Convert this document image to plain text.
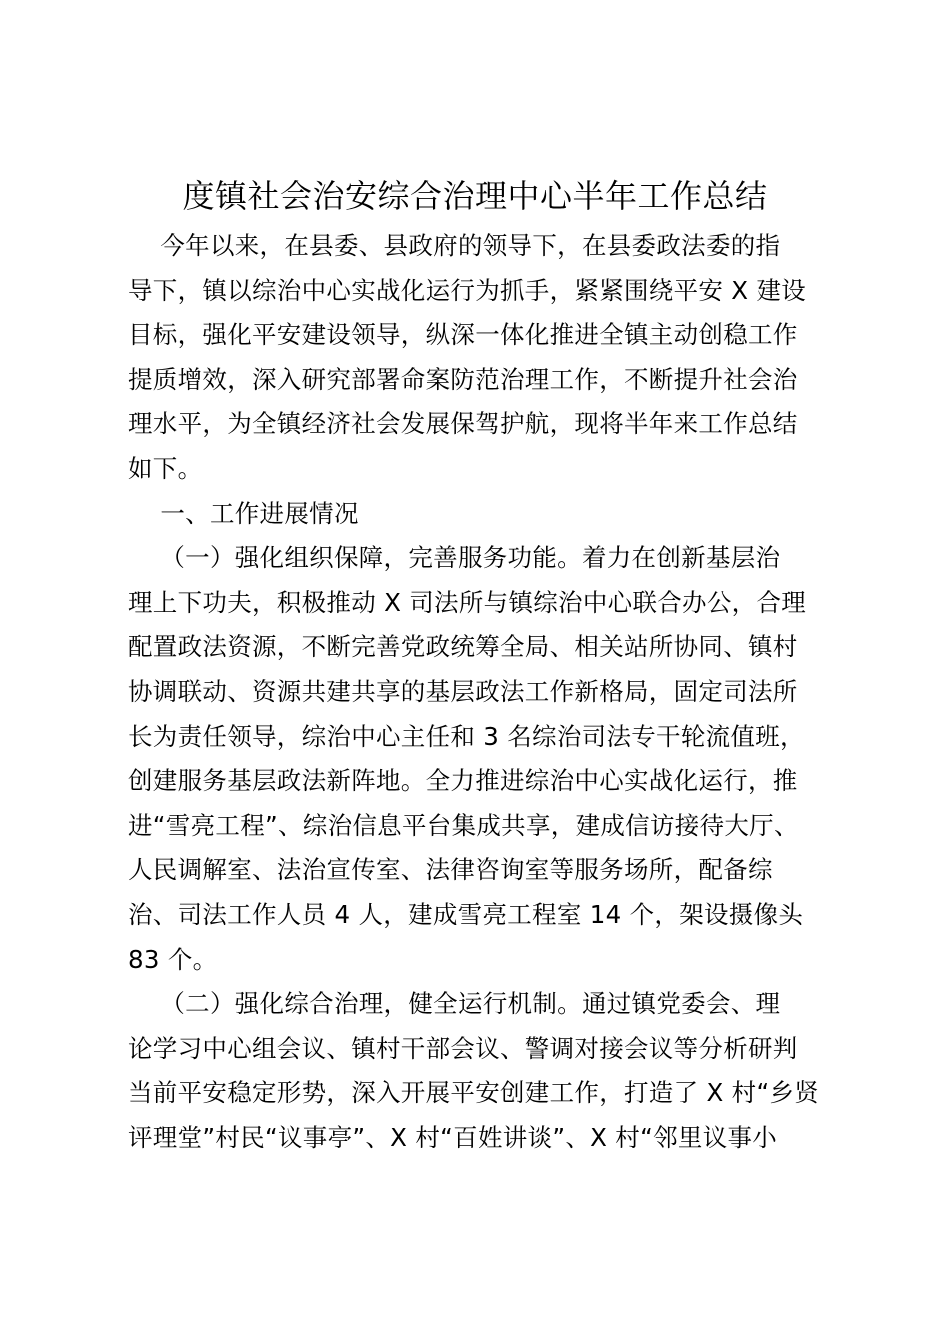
度镇社会治安综合治理中心半年工作总结
今年以来，在县委、县政府的领导下，在县委政法委的指
导下，镇以综治中心实战化运行为抓手，紧紧围绕平安 X 建设
目标，强化平安建设领导，纵深一体化推进全镇主动创稳工作
提质增效，深入研究部署命案防范治理工作，不断提升社会治
理水平，为全镇经济社会发展保驾护航，现将半年来工作总结
如下。
一、工作进展情况
（一）强化组织保障，完善服务功能。着力在创新基层治
理上下功夫，积极推动 X 司法所与镇综治中心联合办公，合理
配置政法资源，不断完善党政统筹全局、相关站所协同、镇村
协调联动、资源共建共享的基层政法工作新格局，固定司法所
长为责任领导，综治中心主任和 3 名综治司法专干轮流值班，
创建服务基层政法新阵地。全力推进综治中心实战化运行，推
进“雪亮工程”、综治信息平台集成共享，建成信访接待大厅、
人民调解室、法治宣传室、法律咨询室等服务场所，配备综
治、司法工作人员 4 人，建成雪亮工程室 14 个，架设摄像头
83 个。
（二）强化综合治理，健全运行机制。通过镇党委会、理
论学习中心组会议、镇村干部会议、警调对接会议等分析研判
当前平安稳定形势，深入开展平安创建工作，打造了 X 村“乡贤
评理堂”村民“议事亭”、X 村“百姓讲谈”、X 村“邻里议事小
